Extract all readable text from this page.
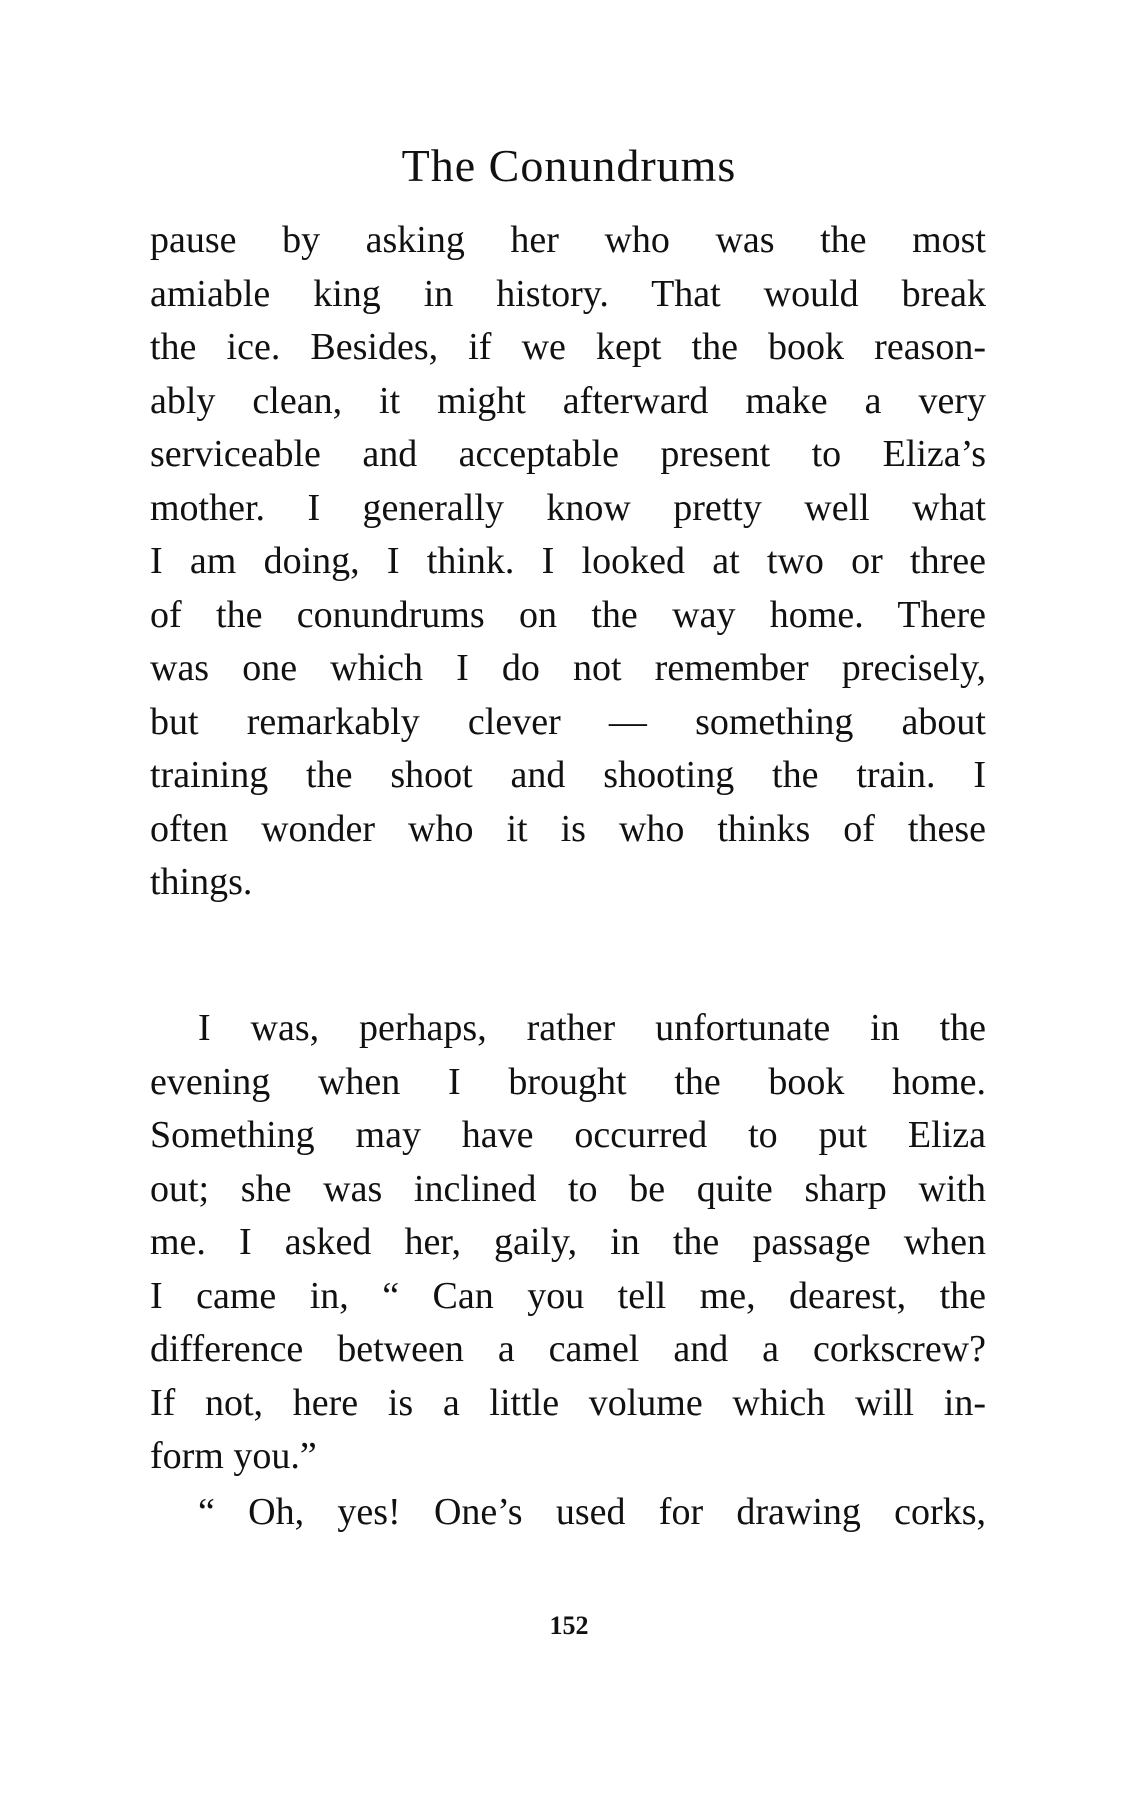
The Conundrums
pause by asking her who was the most
amiable king in history. That would break
the ice. Besides, if we kept the book reason-
ably clean, it might afterward make a very
serviceable and acceptable present to Eliza’s
mother. I generally know pretty well what
I am doing, I think. I looked at two or three
of the conundrums on the way home. There
was one which I do not remember precisely,
but remarkably clever — something about
training the shoot and shooting the train. I
often wonder who it is who thinks of these
things.
I was, perhaps, rather unfortunate in the
evening when I brought the book home.
Something may have occurred to put Eliza
out; she was inclined to be quite sharp with
me. I asked her, gaily, in the passage when
I came in, “ Can you tell me, dearest, the
difference between a camel and a corkscrew?
If not, here is a little volume which will in-
form you.”
“ Oh, yes! One’s used for drawing corks,
152
